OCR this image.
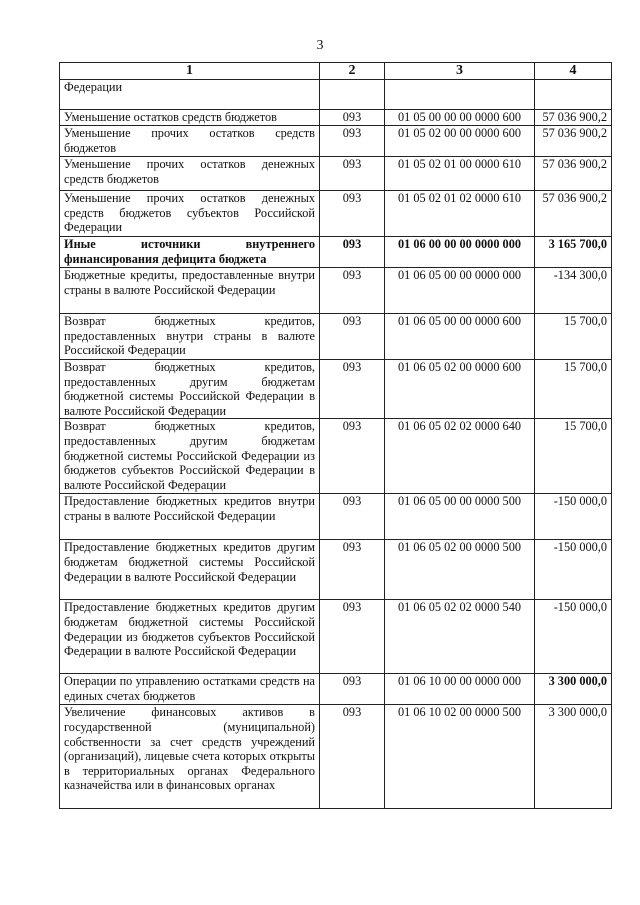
3
1	2	3	4
Федерации			
Уменьшение остатков средств бюджетов	093	01 05 00 00 00 0000 600	57 036 900,2
Уменьшение прочих остатков средств бюджетов	093	01 05 02 00 00 0000 600	57 036 900,2
Уменьшение прочих остатков денежных средств бюджетов	093	01 05 02 01 00 0000 610	57 036 900,2
Уменьшение прочих остатков денежных средств бюджетов субъектов Российской Федерации	093	01 05 02 01 02 0000 610	57 036 900,2
Иные источники внутреннего финансирования дефицита бюджета	093	01 06 00 00 00 0000 000	3 165 700,0
Бюджетные кредиты, предоставленные внутри страны в валюте Российской Федерации	093	01 06 05 00 00 0000 000	-134 300,0
Возврат бюджетных кредитов, предоставленных внутри страны в валюте Российской Федерации	093	01 06 05 00 00 0000 600	15 700,0
Возврат бюджетных кредитов, предоставленных другим бюджетам бюджетной системы Российской Федерации в валюте Российской Федерации	093	01 06 05 02 00 0000 600	15 700,0
Возврат бюджетных кредитов, предоставленных другим бюджетам бюджетной системы Российской Федерации из бюджетов субъектов Российской Федерации в валюте Российской Федерации	093	01 06 05 02 02 0000 640	15 700,0
Предоставление бюджетных кредитов внутри страны в валюте Российской Федерации	093	01 06 05 00 00 0000 500	-150 000,0
Предоставление бюджетных кредитов другим бюджетам бюджетной системы Российской Федерации в валюте Российской Федерации	093	01 06 05 02 00 0000 500	-150 000,0
Предоставление бюджетных кредитов другим бюджетам бюджетной системы Российской Федерации из бюджетов субъектов Российской Федерации в валюте Российской Федерации	093	01 06 05 02 02 0000 540	-150 000,0
Операции по управлению остатками средств на единых счетах бюджетов	093	01 06 10 00 00 0000 000	3 300 000,0
Увеличение финансовых активов в государственной (муниципальной) собственности за счет средств учреждений (организаций), лицевые счета которых открыты в территориальных органах Федерального казначейства или в финансовых органах	093	01 06 10 02 00 0000 500	3 300 000,0
